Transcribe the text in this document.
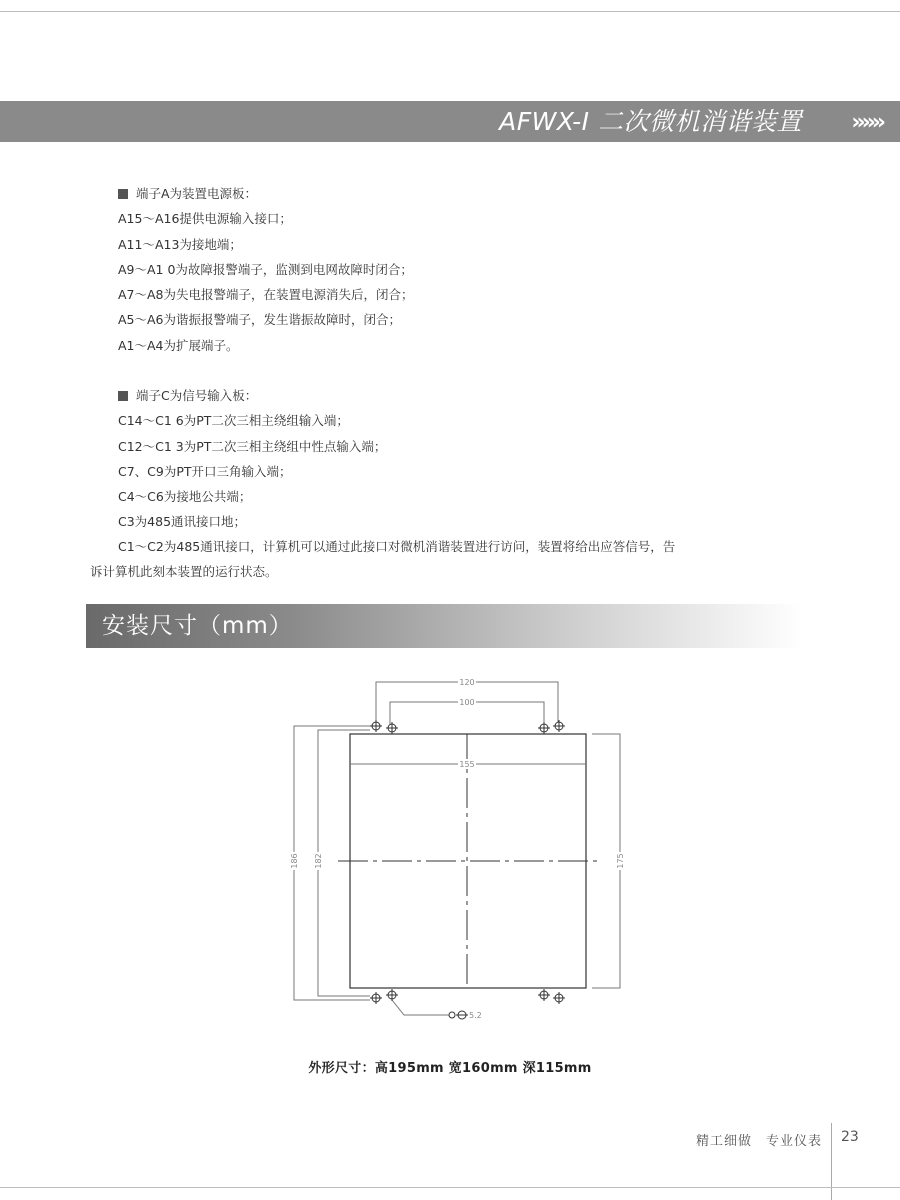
AFWX-I 二次微机消谐装置 »»»
端子A为装置电源板：
A15～A16提供电源输入接口；
A11～A13为接地端；
A9～A1 0为故障报警端子，监测到电网故障时闭合；
A7～A8为失电报警端子，在装置电源消失后，闭合；
A5～A6为谐振报警端子，发生谐振故障时，闭合；
A1～A4为扩展端子。
端子C为信号输入板：
C14～C1 6为PT二次三相主绕组输入端；
C12～C1 3为PT二次三相主绕组中性点输入端；
C7、C9为PT开口三角输入端；
C4～C6为接地公共端；
C3为485通讯接口地；
C1～C2为485通讯接口，计算机可以通过此接口对微机消谐装置进行访问，装置将给出应答信号，告
诉计算机此刻本装置的运行状态。
安装尺寸（mm）
120
100
155
186 182	175
5.2
外形尺寸：高195mm 宽160mm 深115mm
精工细做　专业仪表 23
